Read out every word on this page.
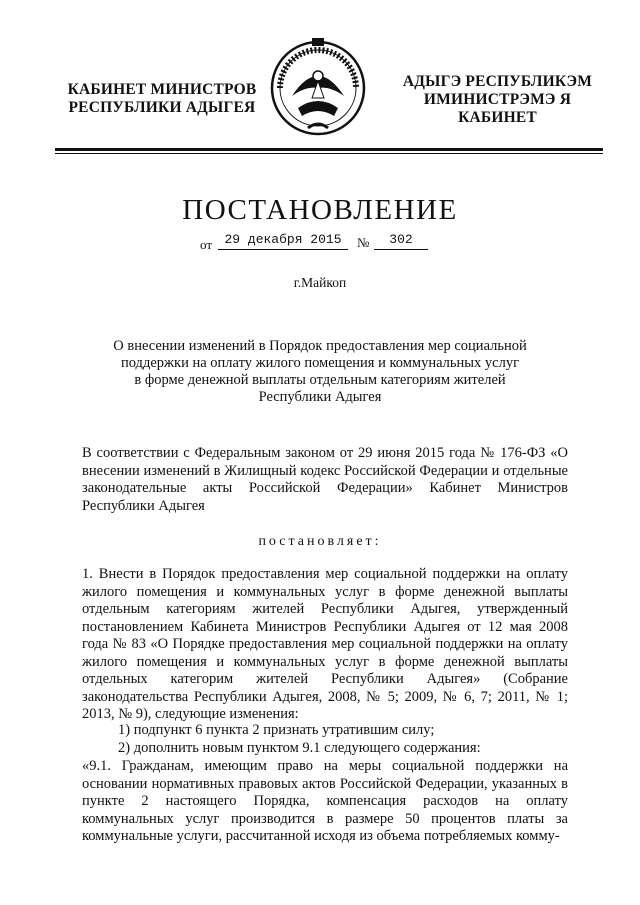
КАБИНЕТ МИНИСТРОВ
РЕСПУБЛИКИ АДЫГЕЯ
АДЫГЭ РЕСПУБЛИКЭМ
ИМИНИСТРЭМЭ Я КАБИНЕТ
ПОСТАНОВЛЕНИЕ
от 29 декабря 2015	№	302
г.Майкоп
О внесении изменений в Порядок предоставления мер социальной
поддержки на оплату жилого помещения и коммунальных услуг
в форме денежной выплаты отдельным категориям жителей
Республики Адыгея
В соответствии с Федеральным законом от 29 июня 2015 года № 176-ФЗ «О внесении изменений в Жилищный кодекс Российской Федерации и отдельные законодательные акты Российской Федерации» Кабинет Министров Республики Адыгея
постановляет:
1. Внести в Порядок предоставления мер социальной поддержки на оплату жилого помещения и коммунальных услуг в форме денежной выплаты отдельным категориям жителей Республики Адыгея, утвержденный постановлением Кабинета Министров Республики Адыгея от 12 мая 2008 года № 83 «О Порядке предоставления мер социальной поддержки на оплату жилого помещения и коммунальных услуг в форме денежной выплаты отдельных категорим жителей Республики Адыгея» (Собрание законодательства Республики Адыгея, 2008, № 5; 2009, № 6, 7; 2011, № 1; 2013, № 9), следующие изменения:
1) подпункт 6 пункта 2 признать утратившим силу;
2) дополнить новым пунктом 9.1 следующего содержания:
«9.1. Гражданам, имеющим право на меры социальной поддержки на основании нормативных правовых актов Российской Федерации, указанных в пункте 2 настоящего Порядка, компенсация расходов на оплату коммунальных услуг производится в размере 50 процентов платы за коммунальные услуги, рассчитанной исходя из объема потребляемых комму-
